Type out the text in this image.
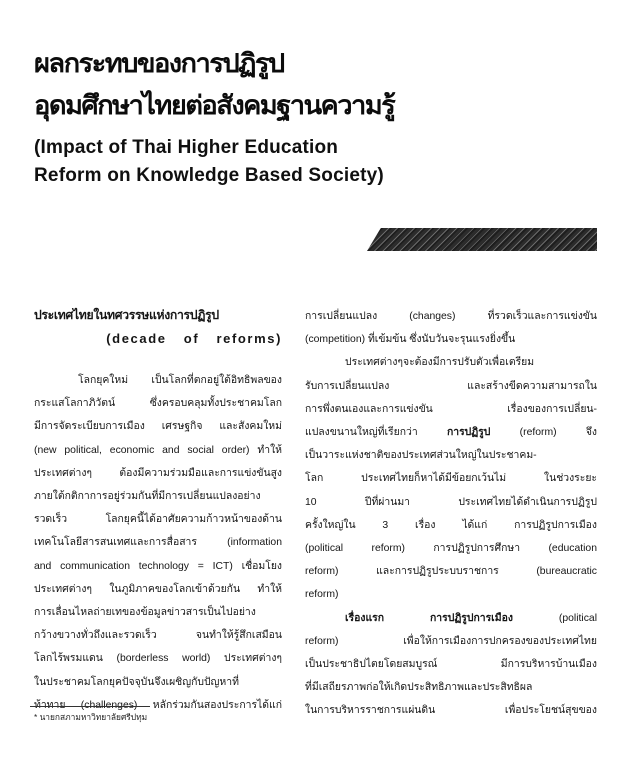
ผลกระทบของการปฏิรูป
อุดมศึกษาไทยต่อสังคมฐานความรู้
(Impact of Thai Higher Education
Reform on Knowledge Based Society)
ประเทศไทยในทศวรรษแห่งการปฏิรูป
(decade of reforms)

โลกยุคใหม่ เป็นโลกที่ตกอยู่ใต้อิทธิพลของ

กระแสโลกาภิวัตน์ ซึ่งครอบคลุมทั้งประชาคมโลก

มีการจัดระเบียบการเมือง เศรษฐกิจ และสังคมใหม่

(new political, economic and social order) ทำให้

ประเทศต่างๆ ต้องมีความร่วมมือและการแข่งขันสูง

ภายใต้กติกาการอยู่ร่วมกันที่มีการเปลี่ยนแปลงอย่าง

รวดเร็ว โลกยุคนี้ได้อาศัยความก้าวหน้าของด้าน

เทคโนโลยีสารสนเทศและการสื่อสาร (information

and communication technology = ICT) เชื่อมโยง

ประเทศต่างๆ ในภูมิภาคของโลกเข้าด้วยกัน ทำให้

การเลื่อนไหลถ่ายเทของข้อมูลข่าวสารเป็นไปอย่าง

กว้างขวางทั่วถึงและรวดเร็ว จนทำให้รู้สึกเสมือน

โลกไร้พรมแดน (borderless world) ประเทศต่างๆ

ในประชาคมโลกยุคปัจจุบันจึงเผชิญกับปัญหาที่

ท้าทาย (challenges) หลักร่วมกันสองประการได้แก่

การเปลี่ยนแปลง (changes) ที่รวดเร็วและการแข่งขัน

(competition) ที่เข้มข้น ซึ่งนับวันจะรุนแรงยิ่งขึ้น

ประเทศต่างๆจะต้องมีการปรับตัวเพื่อเตรียม

รับการเปลี่ยนแปลง และสร้างขีดความสามารถใน

การพึ่งตนเองและการแข่งขัน เรื่องของการเปลี่ยน-

แปลงขนานใหญ่ที่เรียกว่า การปฏิรูป (reform) จึง

เป็นวาระแห่งชาติของประเทศส่วนใหญ่ในประชาคม-

โลก ประเทศไทยก็หาได้มีข้อยกเว้นไม่ ในช่วงระยะ

10 ปีที่ผ่านมา ประเทศไทยได้ดำเนินการปฏิรูป

ครั้งใหญ่ใน 3 เรื่อง ได้แก่ การปฏิรูปการเมือง

(political reform) การปฏิรูปการศึกษา (education

reform) และการปฏิรูประบบราชการ (bureaucratic

reform)

เรื่องแรก การปฏิรูปการเมือง (political

reform) เพื่อให้การเมืองการปกครองของประเทศไทย

เป็นประชาธิปไตยโดยสมบูรณ์ มีการบริหารบ้านเมือง

ที่มีเสถียรภาพก่อให้เกิดประสิทธิภาพและประสิทธิผล

ในการบริหารราชการแผ่นดิน เพื่อประโยชน์สุขของ

* นายกสภามหาวิทยาลัยศรีปทุม
